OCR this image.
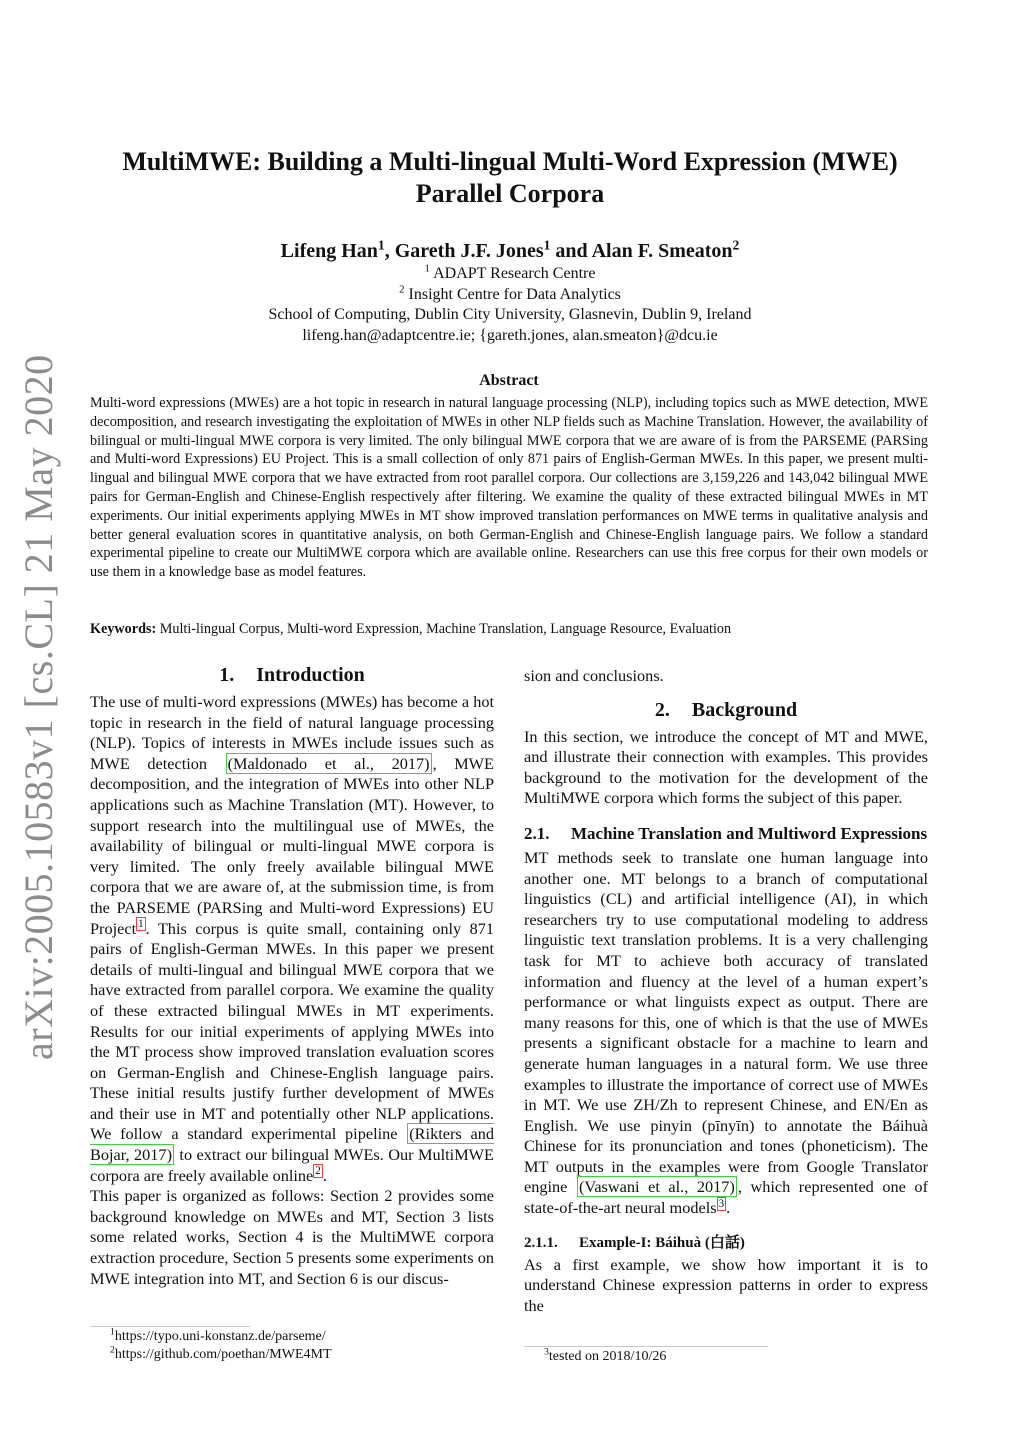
arXiv:2005.10583v1 [cs.CL] 21 May 2020
MultiMWE: Building a Multi-lingual Multi-Word Expression (MWE) Parallel Corpora
Lifeng Han$^1$, Gareth J.F. Jones$^1$ and Alan F. Smeaton$^2$
$^1$ ADAPT Research Centre
$^2$ Insight Centre for Data Analytics
School of Computing, Dublin City University, Glasnevin, Dublin 9, Ireland
lifeng.han@adaptcentre.ie; {gareth.jones, alan.smeaton}@dcu.ie
Abstract
Multi-word expressions (MWEs) are a hot topic in research in natural language processing (NLP), including topics such as MWE detection, MWE decomposition, and research investigating the exploitation of MWEs in other NLP fields such as Machine Translation. However, the availability of bilingual or multi-lingual MWE corpora is very limited. The only bilingual MWE corpora that we are aware of is from the PARSEME (PARSing and Multi-word Expressions) EU Project. This is a small collection of only 871 pairs of English-German MWEs. In this paper, we present multi-lingual and bilingual MWE corpora that we have extracted from root parallel corpora. Our collections are 3,159,226 and 143,042 bilingual MWE pairs for German-English and Chinese-English respectively after filtering. We examine the quality of these extracted bilingual MWEs in MT experiments. Our initial experiments applying MWEs in MT show improved translation performances on MWE terms in qualitative analysis and better general evaluation scores in quantitative analysis, on both German-English and Chinese-English language pairs. We follow a standard experimental pipeline to create our MultiMWE corpora which are available online. Researchers can use this free corpus for their own models or use them in a knowledge base as model features.
Keywords: Multi-lingual Corpus, Multi-word Expression, Machine Translation, Language Resource, Evaluation
1. Introduction

The use of multi-word expressions (MWEs) has become a hot topic in research in the field of natural language processing (NLP). Topics of interests in MWEs include issues such as MWE detection (Maldonado et al., 2017) , MWE decomposition, and the integration of MWEs into other NLP applications such as Machine Translation (MT). However, to support research into the multilingual use of MWEs, the availability of bilingual or multi-lingual MWE corpora is very limited. The only freely available bilingual MWE corpora that we are aware of, at the submission time, is from the PARSEME (PARSing and Multi-word Expressions) EU Project $^1$ . This corpus is quite small, containing only 871 pairs of English-German MWEs. In this paper we present details of multi-lingual and bilingual MWE corpora that we have extracted from parallel corpora. We examine the quality of these extracted bilingual MWEs in MT experiments. Results for our initial experiments of applying MWEs into the MT process show improved translation evaluation scores on German-English and Chinese-English language pairs. These initial results justify further development of MWEs and their use in MT and potentially other NLP applications. We follow a standard experimental pipeline (Rikters and Bojar, 2017) to extract our bilingual MWEs. Our MultiMWE corpora are freely available online $^2$ .

This paper is organized as follows: Section 2 provides some background knowledge on MWEs and MT, Section 3 lists some related works, Section 4 is the MultiMWE corpora extraction procedure, Section 5 presents some experiments on MWE integration into MT, and Section 6 is our discus-

$^1$https://typo.uni-konstanz.de/parseme/
$^2$https://github.com/poethan/MWE4MT

sion and conclusions.

2. Background

In this section, we introduce the concept of MT and MWE, and illustrate their connection with examples. This provides background to the motivation for the development of the MultiMWE corpora which forms the subject of this paper.

2.1.	Machine Translation and Multiword Expressions

MT methods seek to translate one human language into another one. MT belongs to a branch of computational linguistics (CL) and artificial intelligence (AI), in which researchers try to use computational modeling to address linguistic text translation problems. It is a very challenging task for MT to achieve both accuracy of translated information and fluency at the level of a human expert’s performance or what linguists expect as output. There are many reasons for this, one of which is that the use of MWEs presents a significant obstacle for a machine to learn and generate human languages in a natural form. We use three examples to illustrate the importance of correct use of MWEs in MT. We use ZH/Zh to represent Chinese, and EN/En as English. We use pinyin (pīnyīn) to annotate the Báihuà Chinese for its pronunciation and tones (phoneticism). The MT outputs in the examples were from Google Translator engine (Vaswani et al., 2017) , which represented one of state-of-the-art neural models $^3$ .

2.1.1.	Example-I: Báihuà (白話)

As a first example, we show how important it is to understand Chinese expression patterns in order to express the

$^3$tested on 2018/10/26
